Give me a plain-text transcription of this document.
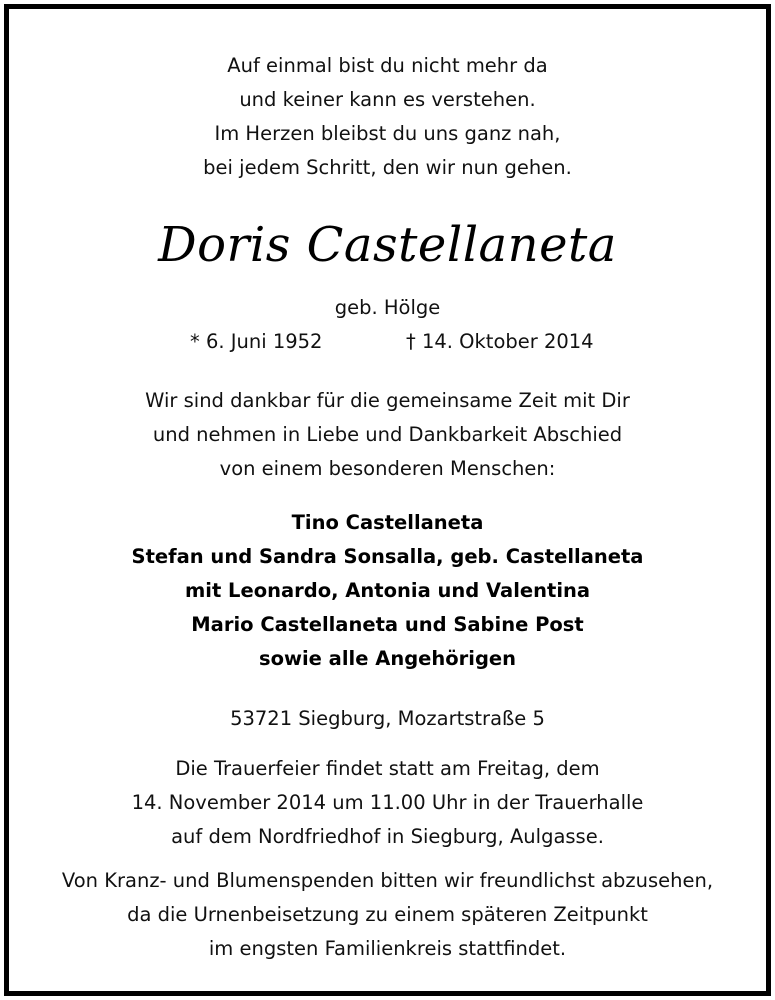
Auf einmal bist du nicht mehr da
und keiner kann es verstehen.
Im Herzen bleibst du uns ganz nah,
bei jedem Schritt, den wir nun gehen.
Doris Castellaneta
geb. Hölge
* 6. Juni 1952	† 14. Oktober 2014
Wir sind dankbar für die gemeinsame Zeit mit Dir
und nehmen in Liebe und Dankbarkeit Abschied
von einem besonderen Menschen:
Tino Castellaneta
Stefan und Sandra Sonsalla, geb. Castellaneta
mit Leonardo, Antonia und Valentina
Mario Castellaneta und Sabine Post
sowie alle Angehörigen
53721 Siegburg, Mozartstraße 5
Die Trauerfeier findet statt am Freitag, dem
14. November 2014 um 11.00 Uhr in der Trauerhalle
auf dem Nordfriedhof in Siegburg, Aulgasse.
Von Kranz- und Blumenspenden bitten wir freundlichst abzusehen,
da die Urnenbeisetzung zu einem späteren Zeitpunkt
im engsten Familienkreis stattfindet.
